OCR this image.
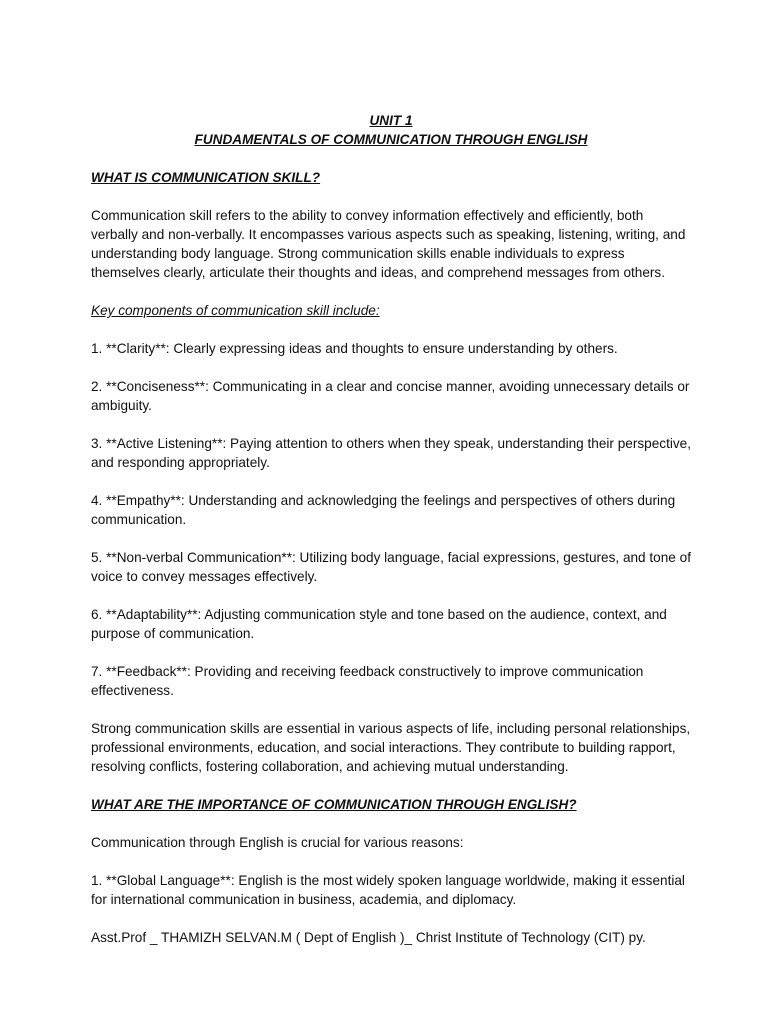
UNIT 1
FUNDAMENTALS OF COMMUNICATION THROUGH ENGLISH
WHAT IS COMMUNICATION SKILL?

Communication skill refers to the ability to convey information effectively and efficiently, both verbally and non-verbally. It encompasses various aspects such as speaking, listening, writing, and understanding body language. Strong communication skills enable individuals to express themselves clearly, articulate their thoughts and ideas, and comprehend messages from others.

Key components of communication skill include:
1. **Clarity**: Clearly expressing ideas and thoughts to ensure understanding by others.
2. **Conciseness**: Communicating in a clear and concise manner, avoiding unnecessary details or ambiguity.
3. **Active Listening**: Paying attention to others when they speak, understanding their perspective, and responding appropriately.
4. **Empathy**: Understanding and acknowledging the feelings and perspectives of others during communication.
5. **Non-verbal Communication**: Utilizing body language, facial expressions, gestures, and tone of voice to convey messages effectively.
6. **Adaptability**: Adjusting communication style and tone based on the audience, context, and purpose of communication.
7. **Feedback**: Providing and receiving feedback constructively to improve communication effectiveness.

Strong communication skills are essential in various aspects of life, including personal relationships, professional environments, education, and social interactions. They contribute to building rapport, resolving conflicts, fostering collaboration, and achieving mutual understanding.

WHAT ARE THE IMPORTANCE OF COMMUNICATION THROUGH ENGLISH?

Communication through English is crucial for various reasons:

1. **Global Language**: English is the most widely spoken language worldwide, making it essential for international communication in business, academia, and diplomacy.
Asst.Prof _ THAMIZH SELVAN.M ( Dept of English )_ Christ Institute of Technology (CIT) py.
